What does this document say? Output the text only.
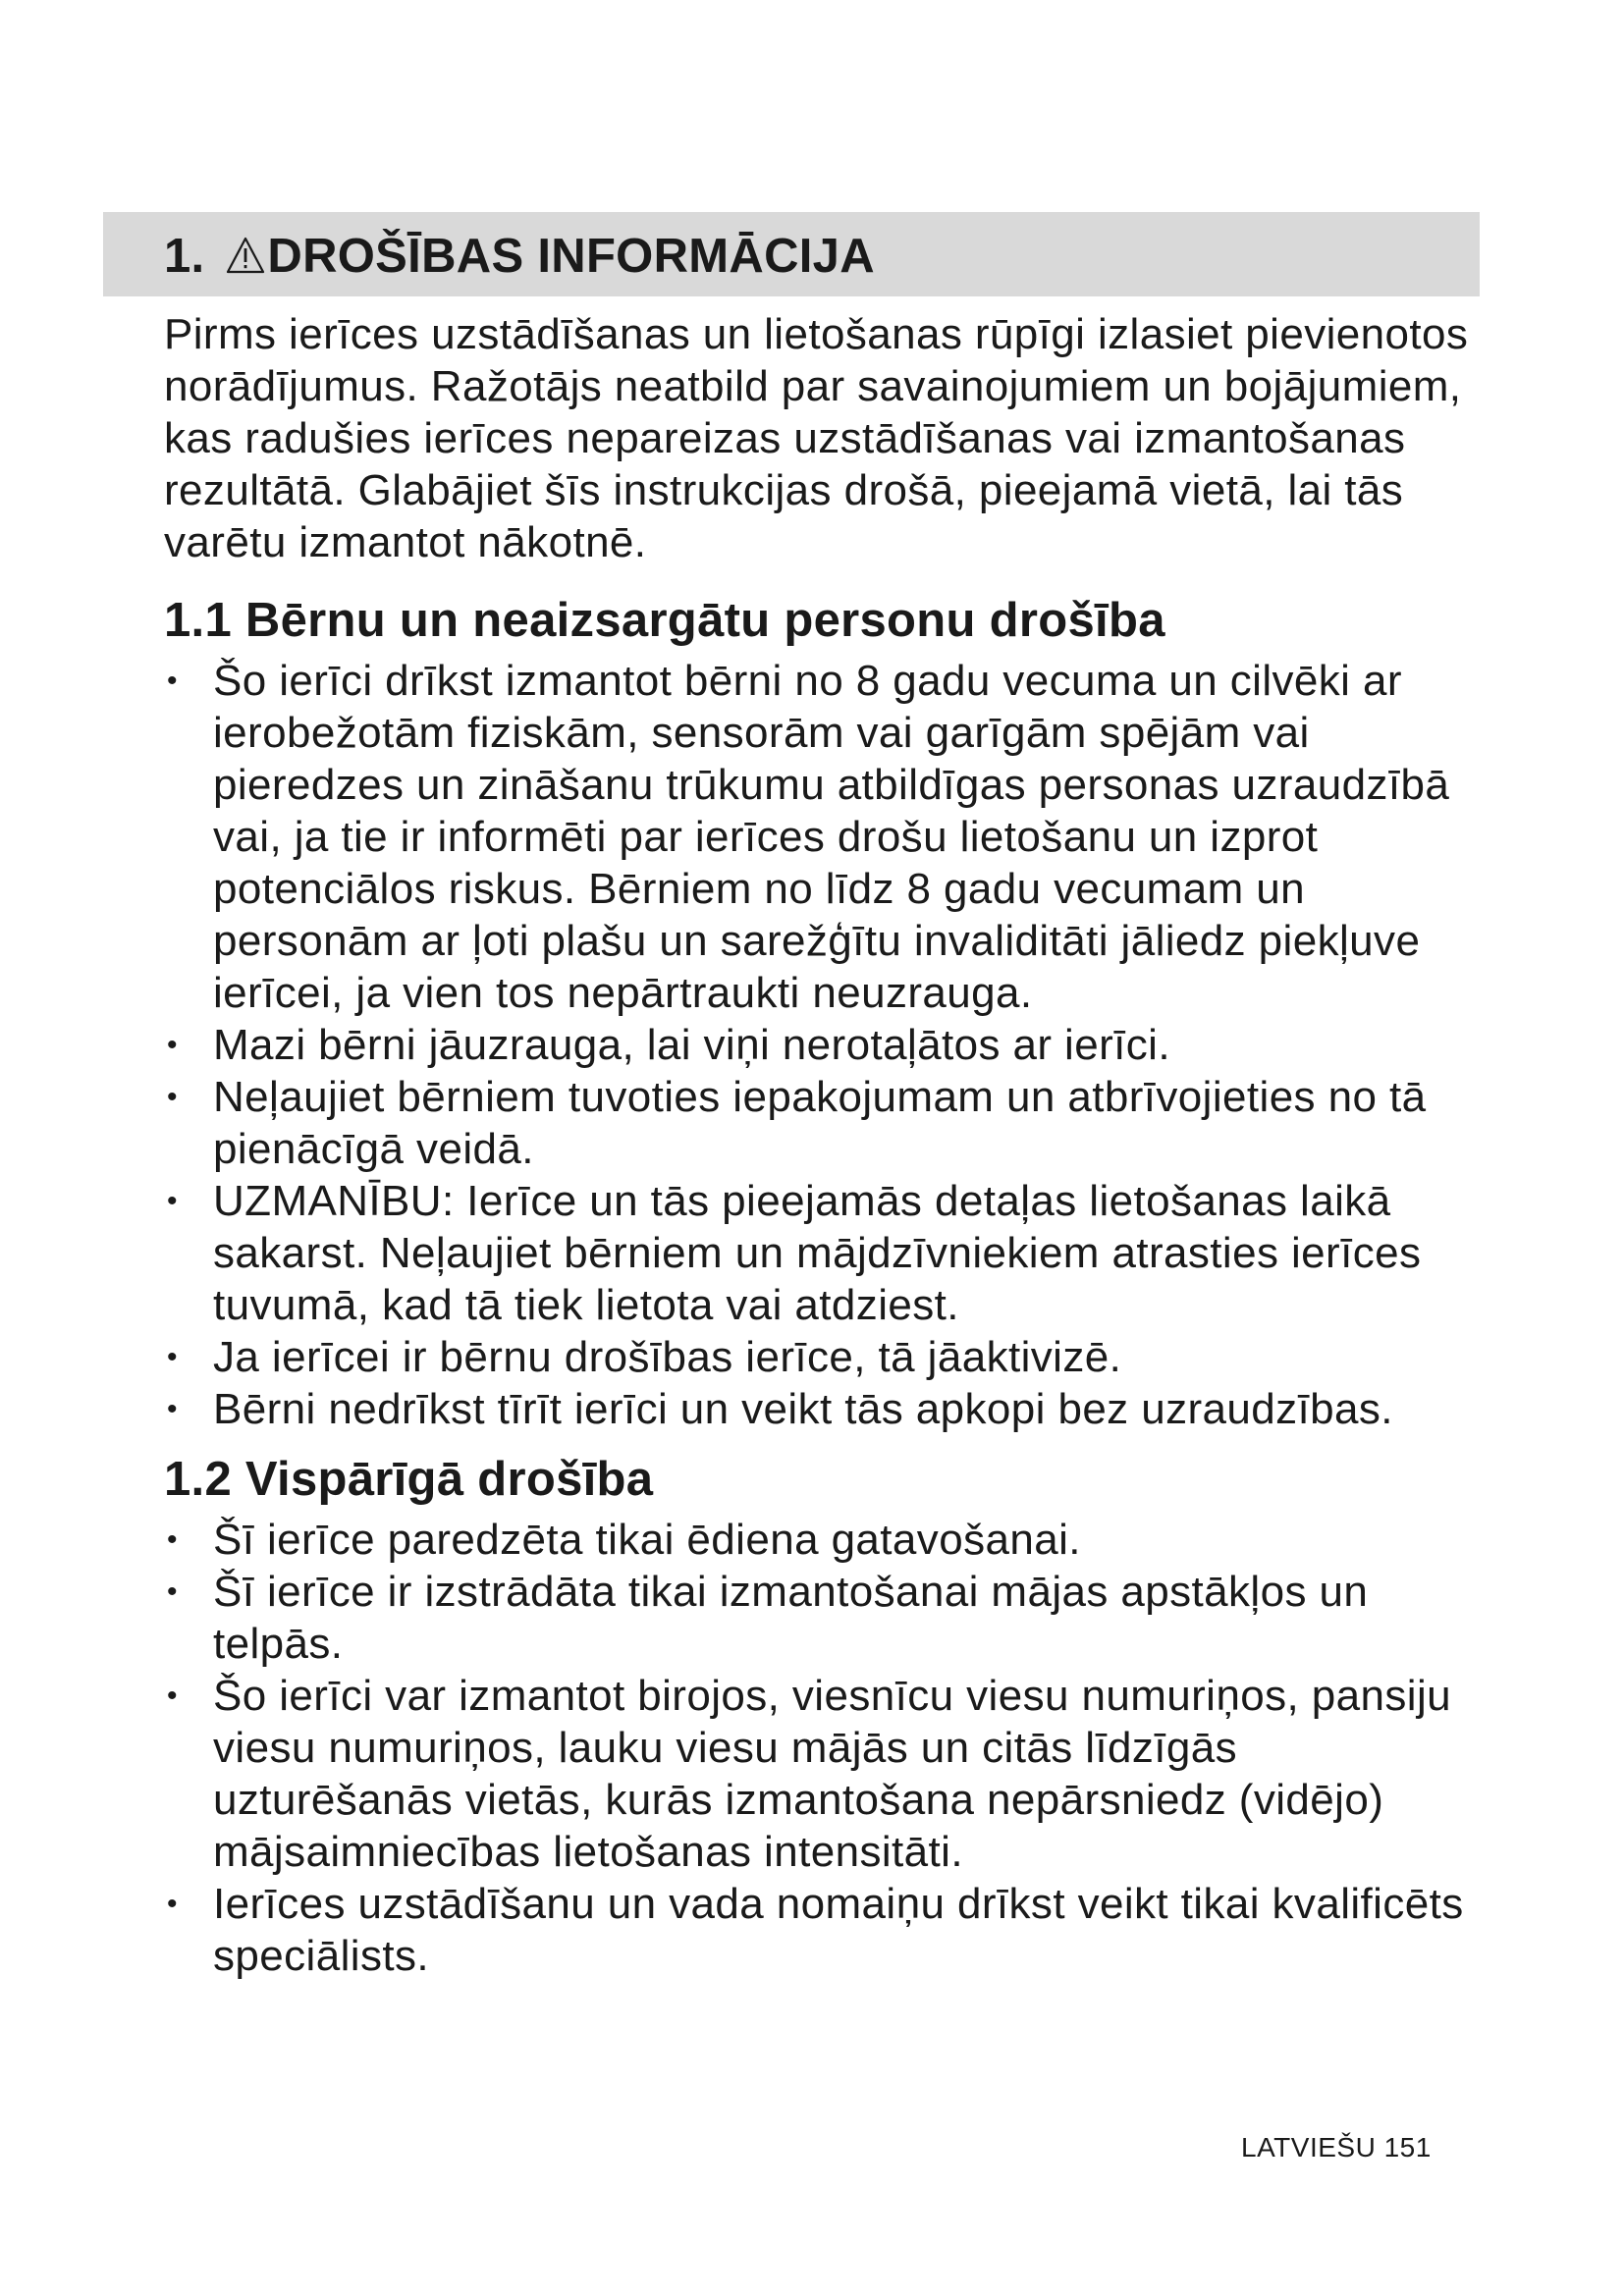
1. DROŠĪBAS INFORMĀCIJA

Pirms ierīces uzstādīšanas un lietošanas rūpīgi izlasiet pievienotos norādījumus. Ražotājs neatbild par savainojumiem un bojājumiem, kas radušies ierīces nepareizas uzstādīšanas vai izmantošanas rezultātā. Glabājiet šīs instrukcijas drošā, pieejamā vietā, lai tās varētu izmantot nākotnē.

1.1 Bērnu un neaizsargātu personu drošība
• Šo ierīci drīkst izmantot bērni no 8 gadu vecuma un cilvēki ar ierobežotām fiziskām, sensorām vai garīgām spējām vai pieredzes un zināšanu trūkumu atbildīgas personas uzraudzībā vai, ja tie ir informēti par ierīces drošu lietošanu un izprot potenciālos riskus. Bērniem no līdz 8 gadu vecumam un personām ar ļoti plašu un sarežģītu invaliditāti jāliedz piekļuve ierīcei, ja vien tos nepārtraukti neuzrauga.
• Mazi bērni jāuzrauga, lai viņi nerotaļātos ar ierīci.
• Neļaujiet bērniem tuvoties iepakojumam un atbrīvojieties no tā pienācīgā veidā.
• UZMANĪBU: Ierīce un tās pieejamās detaļas lietošanas laikā sakarst. Neļaujiet bērniem un mājdzīvniekiem atrasties ierīces tuvumā, kad tā tiek lietota vai atdziest.
• Ja ierīcei ir bērnu drošības ierīce, tā jāaktivizē.
• Bērni nedrīkst tīrīt ierīci un veikt tās apkopi bez uzraudzības.
1.2 Vispārīgā drošība
• Šī ierīce paredzēta tikai ēdiena gatavošanai.
• Šī ierīce ir izstrādāta tikai izmantošanai mājas apstākļos un telpās.
• Šo ierīci var izmantot birojos, viesnīcu viesu numuriņos, pansiju viesu numuriņos, lauku viesu mājās un citās līdzīgās uzturēšanās vietās, kurās izmantošana nepārsniedz (vidējo) mājsaimniecības lietošanas intensitāti.
• Ierīces uzstādīšanu un vada nomaiņu drīkst veikt tikai kvalificēts speciālists.
LATVIEŠU 151
